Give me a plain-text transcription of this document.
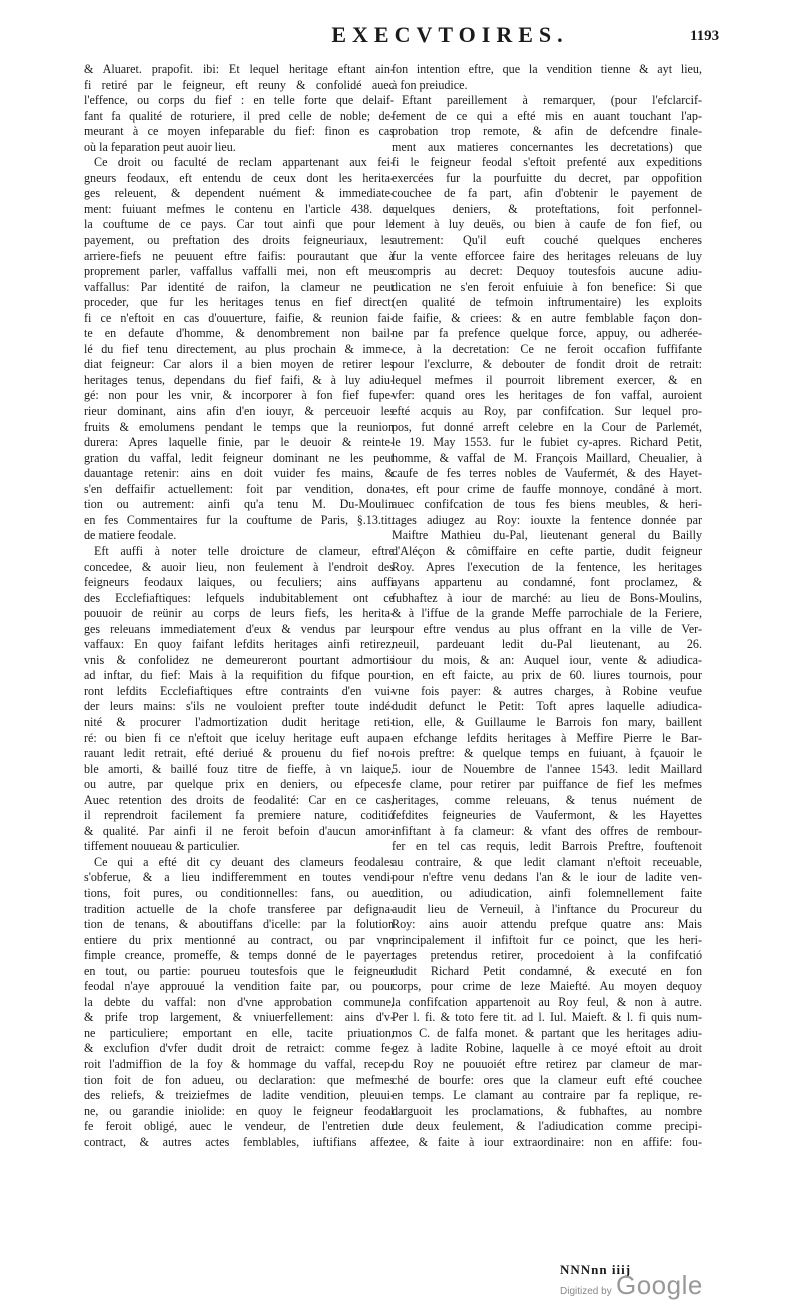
EXECVTOIRES.	1193
& Aluaret. prapofit. ibi: Et lequel heritage eftant ain-
fi retiré par le feigneur, eft reuny & confolidé auec
l'effence, ou corps du fief : en telle forte que delaif-
fant fa qualité de roturiere, il pred celle de noble; de-
meurant à ce moyen infeparable du fief: finon es cas
où la feparation peut auoir lieu.
Ce droit ou faculté de reclam appartenant aux fei-
gneurs feodaux, eft entendu de ceux dont les herita-
ges releuent, & dependent nuément & immediate-
ment: fuiuant mefmes le contenu en l'article 438. de
la couftume de ce pays. Car tout ainfi que pour le
payement, ou preftation des droits feigneuriaux, les
arriere-fiefs ne peuuent eftre faifis: pourautant que à
proprement parler, vaffallus vaffalli mei, non eft meus
vaffallus: Par identité de raifon, la clameur ne peut
proceder, que fur les heritages tenus en fief direct:
fi ce n'eftoit en cas d'ouuerture, faifie, & reunion fai-
te en defaute d'homme, & denombrement non bail-
lé du fief tenu directement, au plus prochain & imme-
diat feigneur: Car alors il a bien moyen de retirer les
heritages tenus, dependans du fief faifi, & à luy adiu-
gé: non pour les vnir, & incorporer à fon fief fupe-
rieur dominant, ains afin d'en iouyr, & perceuoir les
fruits & emolumens pendant le temps que la reunion
durera: Apres laquelle finie, par le deuoir & reinte-
gration du vaffal, ledit feigneur dominant ne les peut
dauantage retenir: ains en doit vuider fes mains, &
s'en deffaifir actuellement: foit par vendition, dona-
tion ou autrement: ainfi qu'a tenu M. Du-Moulin
en fes Commentaires fur la couftume de Paris, §.13.tit.
de matiere feodale.
Eft auffi à noter telle droicture de clameur, eftre
concedee, & auoir lieu, non feulement à l'endroit des
feigneurs feodaux laiques, ou feculiers; ains auffi
des Ecclefiaftiques: lefquels indubitablement ont ce
pouuoir de reünir au corps de leurs fiefs, les herita-
ges releuans immediatement d'eux & vendus par leurs
vaffaux: En quoy faifant lefdits heritages ainfi retirez,
vnis & confolidez ne demeureront pourtant admortis
ad inftar, du fief: Mais à la requifition du fifque pour-
ront lefdits Ecclefiaftiques eftre contraints d'en vui-
der leurs mains: s'ils ne vouloient prefter toute indé-
nité & procurer l'admortization dudit heritage reti-
ré: ou bien fi ce n'eftoit que iceluy heritage euft aupa-
rauant ledit retrait, efté deriué & prouenu du fief no-
ble amorti, & baillé fouz titre de fieffe, à vn laique,
ou autre, par quelque prix en deniers, ou efpeces:
Auec retention des droits de feodalité: Car en ce cas,
il reprendroit facilement fa premiere nature, coditió
& qualité. Par ainfi il ne feroit befoin d'aucun amor-
tiffement nouueau & particulier.
Ce qui a efté dit cy deuant des clameurs feodales
s'obferue, & a lieu indifferemment en toutes vendi-
tions, foit pures, ou conditionnelles: fans, ou auec
tradition actuelle de la chofe transferee par defigna-
tion de tenans, & aboutiffans d'icelle: par la folution
entiere du prix mentionné au contract, ou par vne
fimple creance, promeffe, & temps donné de le payer:
en tout, ou partie: pourueu toutesfois que le feigneur
feodal n'aye approuué la vendition faite par, ou pour
la debte du vaffal: non d'vne approbation commune,
& prife trop largement, & vniuerfellement: ains d'v-
ne particuliere; emportant en elle, tacite priuation,
& exclufion d'vfer dudit droit de retraict: comme fe-
roit l'admiffion de la foy & hommage du vaffal, recep-
tion foit de fon adueu, ou declaration: que mefmes
des reliefs, & treiziefmes de ladite vendition, pleuui-
ne, ou garandie iniolide: en quoy le feigneur feodal
fe feroit obligé, auec le vendeur, de l'entretien du
contract, & autres actes femblables, iuftifians affez
fon intention eftre, que la vendition tienne & ayt lieu,
à fon preiudice.
Eftant pareillement à remarquer, (pour l'efclarcif-
fement de ce qui a efté mis en auant touchant l'ap-
probation trop remote, & afin de defcendre finale-
ment aux matieres concernantes les decretations) que
fi le feigneur feodal s'eftoit prefenté aux expeditions
exercées fur la pourfuitte du decret, par oppofition
couchee de fa part, afin d'obtenir le payement de
quelques deniers, & proteftations, foit perfonnel-
lement à luy deuës, ou bien à caufe de fon fief, ou
autrement: Qu'il euft couché quelques encheres
fur la vente efforcee faire des heritages releuans de luy
compris au decret: Dequoy toutesfois aucune adiu-
dication ne s'en feroit enfuiuie à fon benefice: Si que
(en qualité de tefmoin inftrumentaire) les exploits
de faifie, & criees: & en autre femblable façon don-
ne par fa prefence quelque force, appuy, ou adherée-
ce, à la decretation: Ce ne feroit occafion fuffifante
pour l'exclurre, & debouter de fondit droit de retrait:
lequel mefmes il pourroit librement exercer, & en
vfer: quand ores les heritages de fon vaffal, auroient
efté acquis au Roy, par confifcation. Sur lequel pro-
pos, fut donné arreft celebre en la Cour de Parlemét,
le 19. May 1553. fur le fubiet cy-apres. Richard Petit,
homme, & vaffal de M. François Maillard, Cheualier, à
caufe de fes terres nobles de Vaufermét, & des Hayet-
tes, eft pour crime de fauffe monnoye, condâné à mort.
auec confifcation de tous fes biens meubles, & heri-
tages adiugez au Roy: iouxte la fentence donnée par
Maiftre Mathieu du-Pal, lieutenant general du Bailly
d'Aléçon & cômiffaire en cefte partie, dudit feigneur
Roy. Apres l'execution de la fentence, les heritages
ayans appartenu au condamné, font proclamez, &
fubhaftez à iour de marché: au lieu de Bons-Moulins,
& à l'iffue de la grande Meffe parrochiale de la Feriere,
pour eftre vendus au plus offrant en la ville de Ver-
neuil, pardeuant ledit du-Pal lieutenant, au 26.
iour du mois, & an: Auquel iour, vente & adiudica-
tion, en eft faicte, au prix de 60. liures tournois, pour
vne fois payer: & autres charges, à Robine veufue
dudit defunct le Petit: Toft apres laquelle adiudica-
tion, elle, & Guillaume le Barrois fon mary, baillent
en efchange lefdits heritages à Meffire Pierre le Bar-
rois preftre: & quelque temps en fuiuant, à fçauoir le
5. iour de Nouembre de l'annee 1543. ledit Maillard
fe clame, pour retirer par puiffance de fief les mefmes
heritages, comme releuans, & tenus nuément de
fefdites feigneuries de Vaufermont, & les Hayettes
infiftant à fa clameur: & vfant des offres de rembour-
fer en tel cas requis, ledit Barrois Preftre, fouftenoit
au contraire, & que ledit clamant n'eftoit receuable,
pour n'eftre venu dedans l'an & le iour de ladite ven-
dition, ou adiudication, ainfi folemnellement faite
audit lieu de Verneuil, à l'inftance du Procureur du
Roy: ains auoir attendu prefque quatre ans: Mais
principalement il infiftoit fur ce poinct, que les heri-
tages pretendus retirer, procedoient à la confifcatió
dudit Richard Petit condamné, & executé en fon
corps, pour crime de leze Maiefté. Au moyen dequoy
la confifcation appartenoit au Roy feul, & non à autre.
Per l. fi. & toto fere tit. ad l. Iul. Maieft. & l. fi quis num-
mos C. de falfa monet. & partant que les heritages adiu-
gez à ladite Robine, laquelle à ce moyé eftoit au droit
du Roy ne pouuoiét eftre retirez par clameur de mar-
ché de bourfe: ores que la clameur euft efté couchee
en temps. Le clamant au contraire par fa replique, re-
darguoit les proclamations, & fubhaftes, au nombre
de deux feulement, & l'adiudication comme precipi-
tee, & faite à iour extraordinaire: non en affife: fou-
NNNnn iiij
Digitized by Google
